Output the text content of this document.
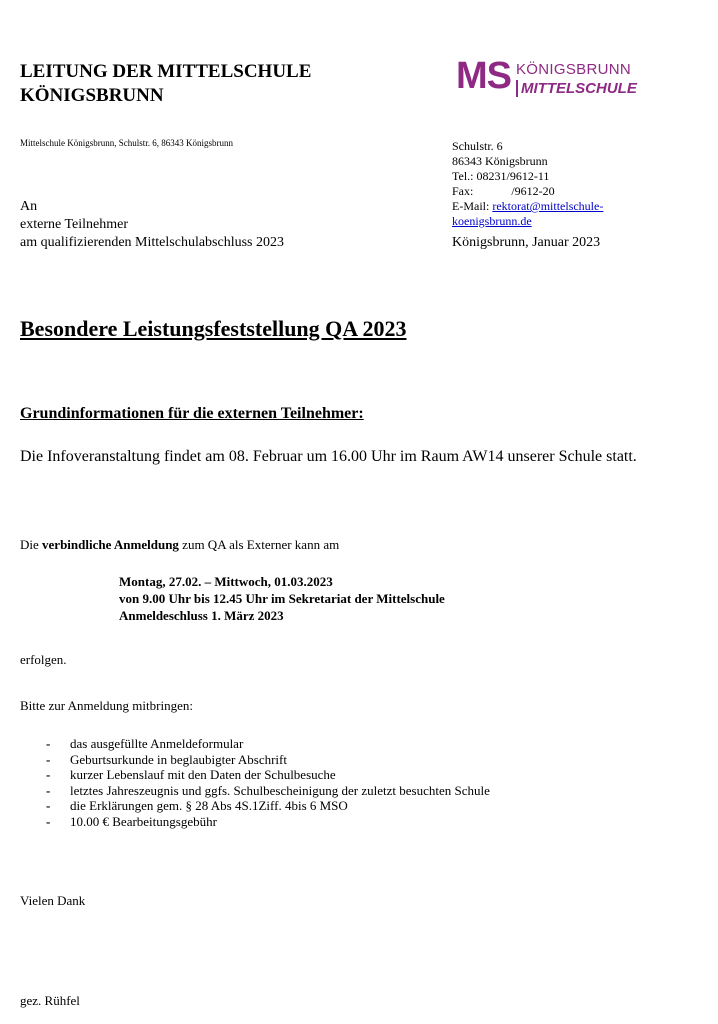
LEITUNG DER MITTELSCHULE
KÖNIGSBRUNN	MS KÖNIGSBRUNN
MITTELSCHULE
Mittelschule Königsbrunn, Schulstr. 6, 86343 Königsbrunn	Schulstr. 6
86343 Königsbrunn
Tel.: 08231/9612-11
Fax:	/9612-20
E-Mail: rektorat@mittelschule-
koenigsbrunn.de
An
externe Teilnehmer
am qualifizierenden Mittelschulabschluss 2023	Königsbrunn, Januar 2023
Besondere Leistungsfeststellung QA 2023
Grundinformationen für die externen Teilnehmer:
Die Infoveranstaltung findet am 08. Februar um 16.00 Uhr im Raum AW14 unserer Schule statt.
Die verbindliche Anmeldung zum QA als Externer kann am
Montag, 27.02. – Mittwoch, 01.03.2023
von 9.00 Uhr bis 12.45 Uhr im Sekretariat der Mittelschule
Anmeldeschluss 1. März 2023
erfolgen.
Bitte zur Anmeldung mitbringen:
- das ausgefüllte Anmeldeformular
- Geburtsurkunde in beglaubigter Abschrift
- kurzer Lebenslauf mit den Daten der Schulbesuche
- letztes Jahreszeugnis und ggfs. Schulbescheinigung der zuletzt besuchten Schule
- die Erklärungen gem. § 28 Abs 4S.1Ziff. 4bis 6 MSO
- 10.00 € Bearbeitungsgebühr
Vielen Dank
gez. Rühfel
